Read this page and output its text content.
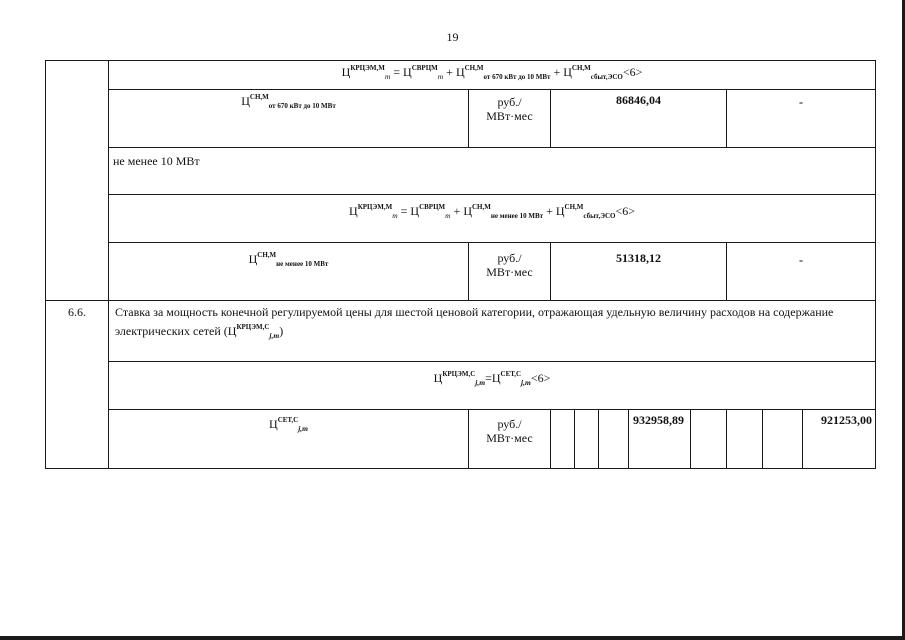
19
	$Ц^{КРЦЭМ,М}_m = Ц^{СВРЦМ}_m + Ц^{СН,М}_{от 670 кВт до 10 МВт} + Ц^{СН,М}_{сбыт,ЭСО}<6>$									
	$Ц^{СН,М}_{от 670 кВт до 10 МВт}$	руб./
МВт·мес	86846,04					-		
	не менее 10 МВт									
	$Ц^{КРЦЭМ,М}_m = Ц^{СВРЦМ}_m + Ц^{СН,М}_{не менее 10 МВт} + Ц^{СН,М}_{сбыт,ЭСО}<6>$									
	$Ц^{СН,М}_{не менее 10 МВт}$	руб./
МВт·мес	51318,12					-		
6.6.	Ставка за мощность конечной регулируемой цены для шестой ценовой категории, отражающая удельную величину расходов на содержание электрических сетей $(Ц^{КРЦЭМ,С}_{j,m})$									
	$Ц^{КРЦЭМ,С}_{j,m}=Ц^{СЕТ,С}_{j,m}<6>$									
	$Ц^{СЕТ,С}_{j,m}$	руб./
МВт·мес				932958,89				921253,00
